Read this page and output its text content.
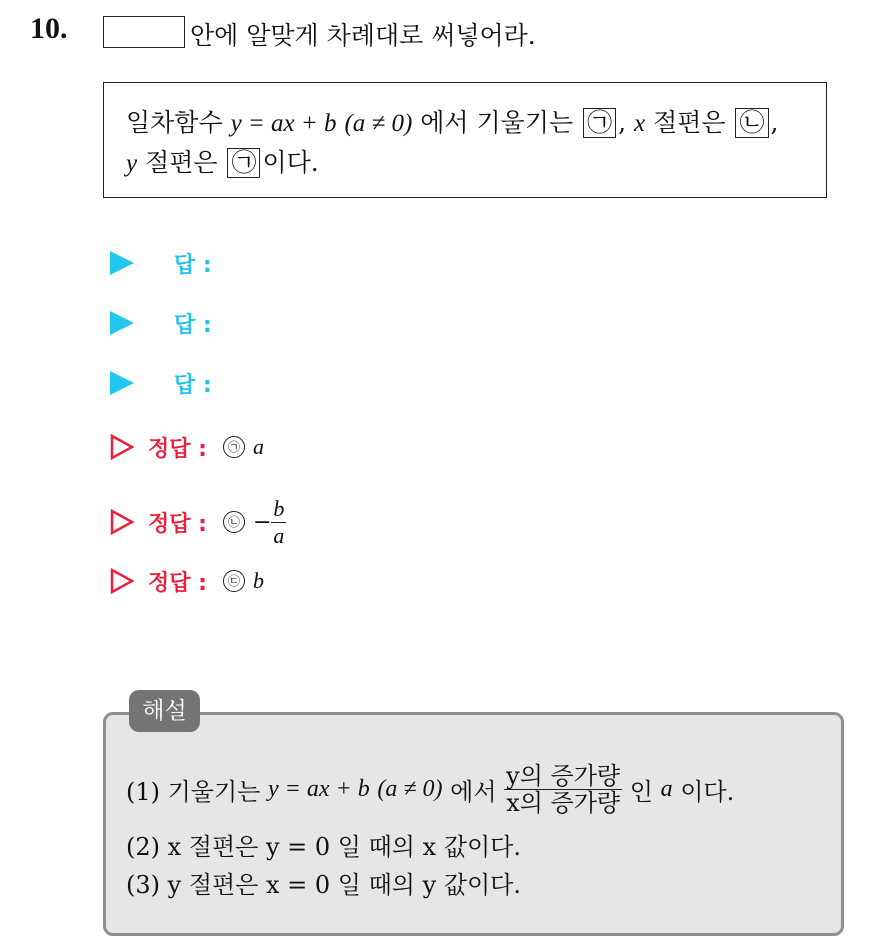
10.	안에 알맞게 차례대로 써넣어라.
일차함수 y = ax + b (a ≠ 0) 에서 기울기는 ㉠ , x 절편은 ㉡ ,
y 절편은 ㉠ 이다.
답 :
답 :
답 :
정답 :	㉠ a
정답 :	㉡ − $\frac{b}{a}$
정답 :	㉢ b
(1) 기울기는
y = ax + b
(a ≠ 0)
에서
$\frac{\text{y의 증가량}}{\text{x의 증가량}}$
인
a
이다.
(2) x 절편은 y = 0 일 때의 x 값이다.
(3) y 절편은 x = 0 일 때의 y 값이다.
해설
